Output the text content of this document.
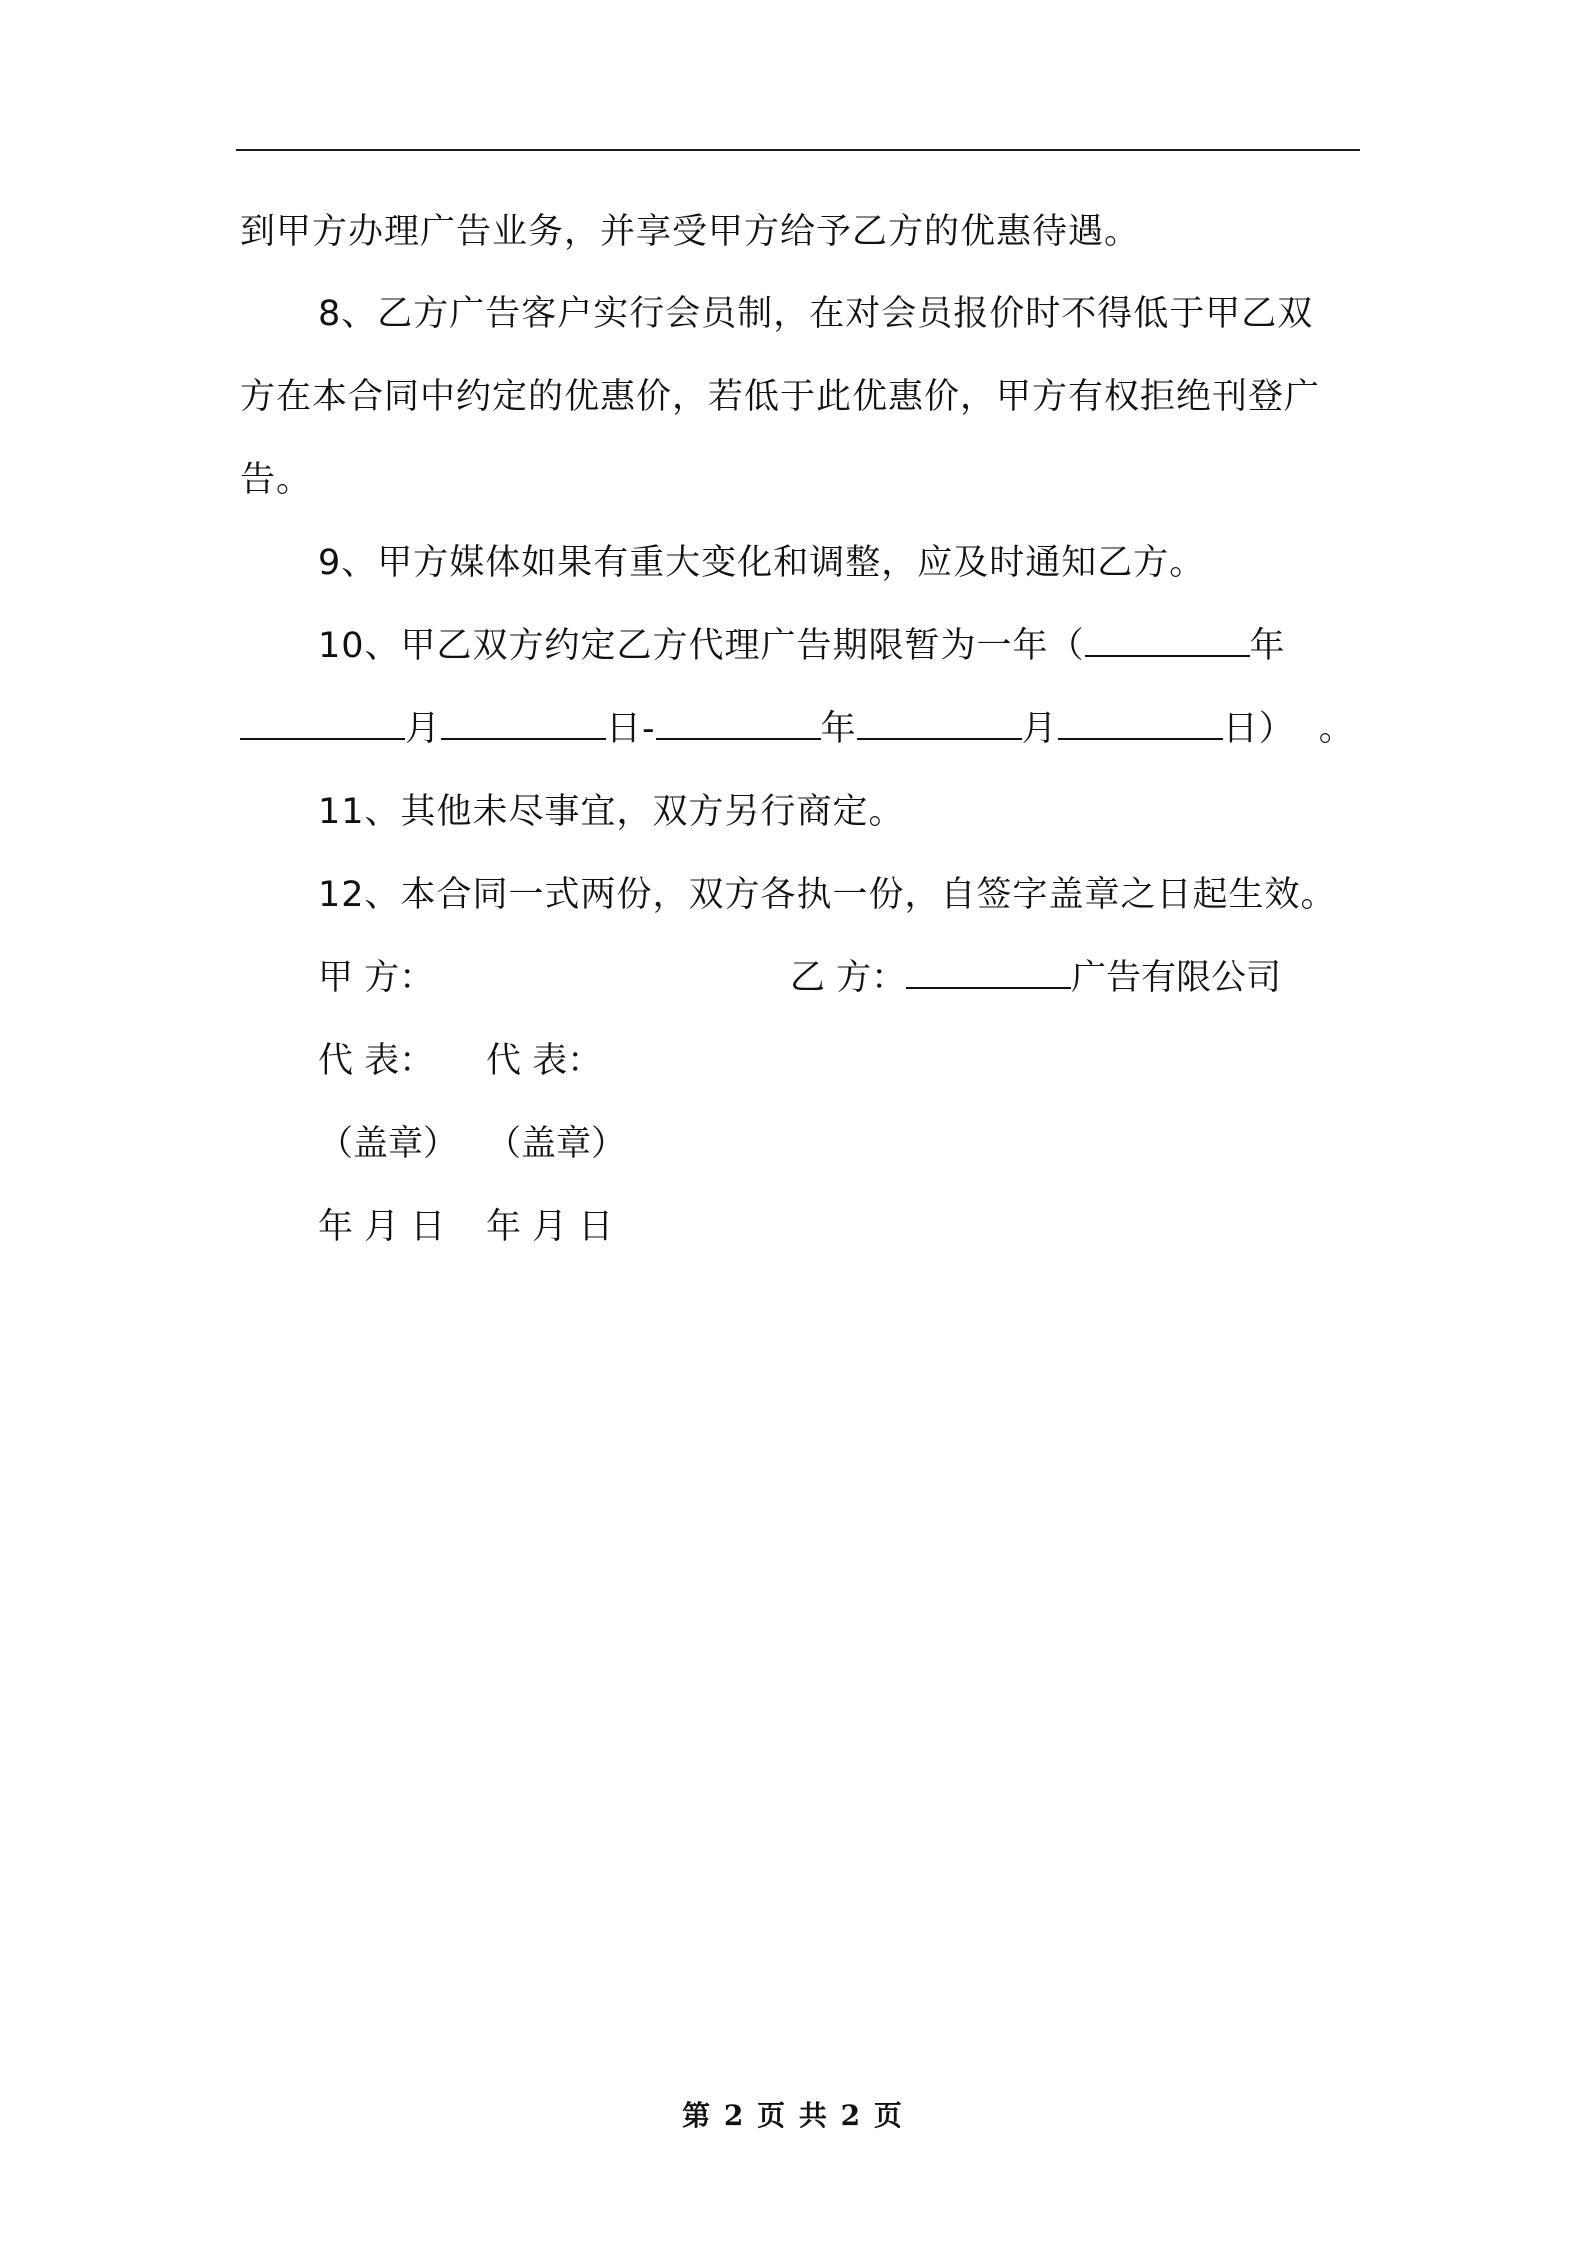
到甲方办理广告业务，并享受甲方给予乙方的优惠待遇。
8、乙方广告客户实行会员制，在对会员报价时不得低于甲乙双
方在本合同中约定的优惠价，若低于此优惠价，甲方有权拒绝刊登广
告。
9、甲方媒体如果有重大变化和调整，应及时通知乙方。
10、甲乙双方约定乙方代理广告期限暂为一年（	年
月	日-	年	月	日） 。
11、其他未尽事宜，双方另行商定。
12、本合同一式两份，双方各执一份，自签字盖章之日起生效。
甲 方：	乙 方：	广告有限公司
代 表： 代 表：
（盖章） （盖章）
年 月 日 年 月 日
第 2 页 共 2 页
